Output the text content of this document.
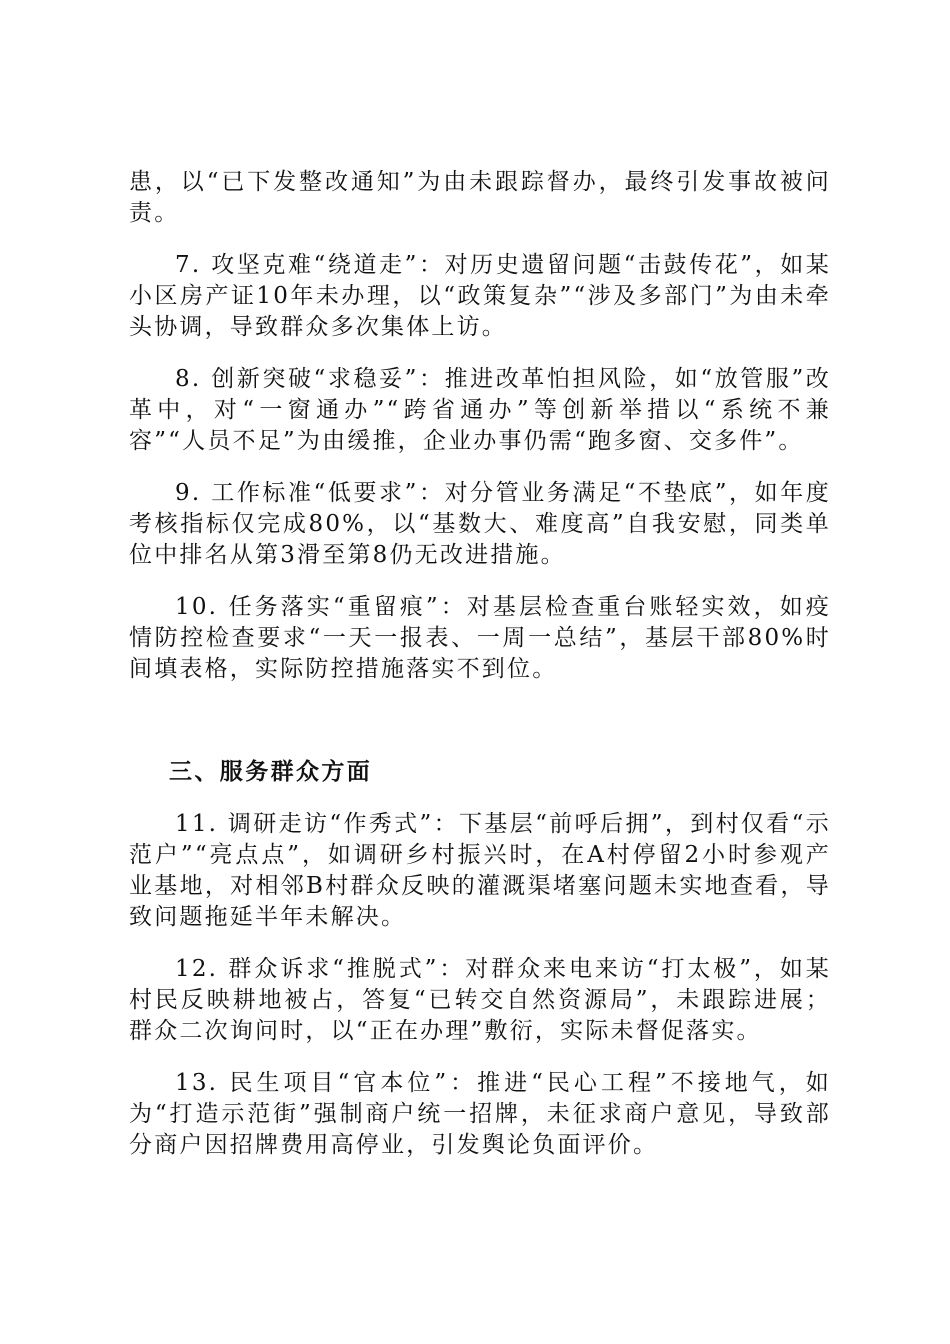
患，以“已下发整改通知”为由未跟踪督办，最终引发事故被问责。

7. 攻坚克难“绕道走”：对历史遗留问题“击鼓传花”，如某小区房产证10年未办理，以“政策复杂”“涉及多部门”为由未牵头协调，导致群众多次集体上访。

8. 创新突破“求稳妥”：推进改革怕担风险，如“放管服”改革中，对“一窗通办”“跨省通办”等创新举措以“系统不兼容”“人员不足”为由缓推，企业办事仍需“跑多窗、交多件”。

9. 工作标准“低要求”：对分管业务满足“不垫底”，如年度考核指标仅完成80%，以“基数大、难度高”自我安慰，同类单位中排名从第3滑至第8仍无改进措施。

10. 任务落实“重留痕”：对基层检查重台账轻实效，如疫情防控检查要求“一天一报表、一周一总结”，基层干部80%时间填表格，实际防控措施落实不到位。

三、服务群众方面

11. 调研走访“作秀式”：下基层“前呼后拥”，到村仅看“示范户”“亮点点”，如调研乡村振兴时，在A村停留2小时参观产业基地，对相邻B村群众反映的灌溉渠堵塞问题未实地查看，导致问题拖延半年未解决。

12. 群众诉求“推脱式”：对群众来电来访“打太极”，如某村民反映耕地被占，答复“已转交自然资源局”，未跟踪进展；群众二次询问时，以“正在办理”敷衍，实际未督促落实。

13. 民生项目“官本位”：推进“民心工程”不接地气，如为“打造示范街”强制商户统一招牌，未征求商户意见，导致部分商户因招牌费用高停业，引发舆论负面评价。
